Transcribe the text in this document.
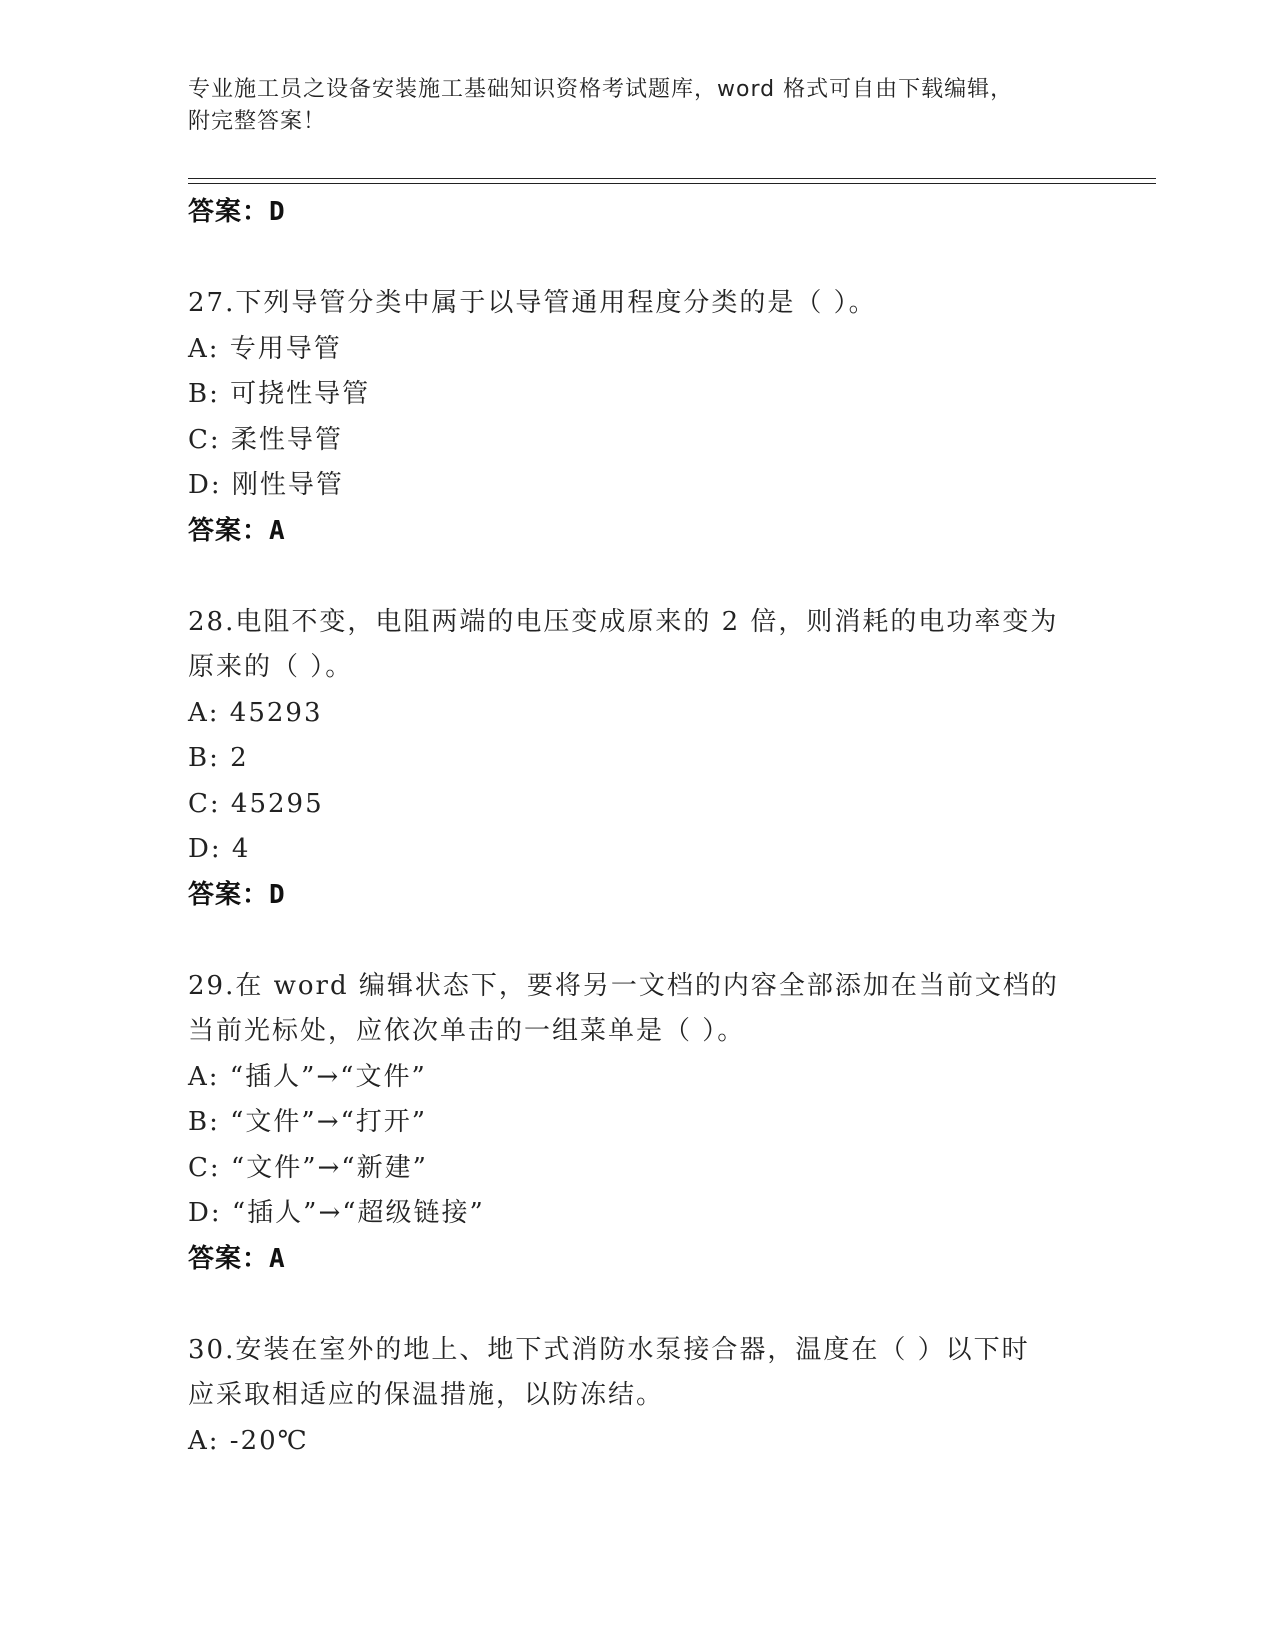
专业施工员之设备安装施工基础知识资格考试题库，word 格式可自由下载编辑，
附完整答案！
答案：D
27.下列导管分类中属于以导管通用程度分类的是（ ）。
A: 专用导管
B: 可挠性导管
C: 柔性导管
D: 刚性导管
答案：A
28.电阻不变，电阻两端的电压变成原来的 2 倍，则消耗的电功率变为
原来的（ ）。
A: 45293
B: 2
C: 45295
D: 4
答案：D
29.在 word 编辑状态下，要将另一文档的内容全部添加在当前文档的
当前光标处，应依次单击的一组菜单是（ ）。
A: “插人”→“文件”
B: “文件”→“打开”
C: “文件”→“新建”
D: “插人”→“超级链接”
答案：A
30.安装在室外的地上、地下式消防水泵接合器，温度在（ ）以下时
应采取相适应的保温措施，以防冻结。
A: -20℃
